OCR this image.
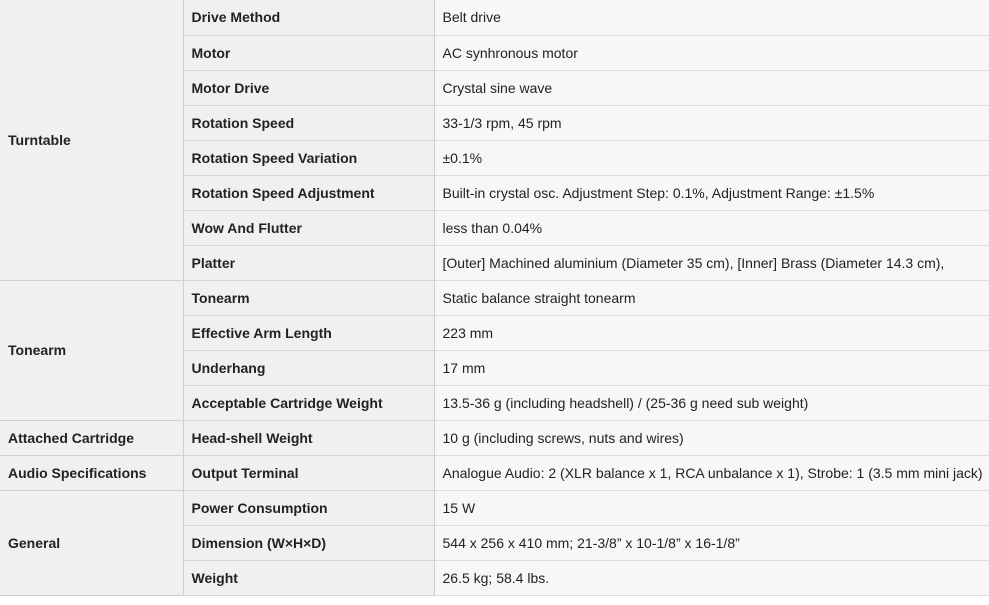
Turntable	Drive Method	Belt drive
	Motor	AC synhronous motor
	Motor Drive	Crystal sine wave
	Rotation Speed	33-1/3 rpm, 45 rpm
	Rotation Speed Variation	±0.1%
	Rotation Speed Adjustment	Built-in crystal osc. Adjustment Step: 0.1%, Adjustment Range: ±1.5%
	Wow And Flutter	less than 0.04%
	Platter	[Outer] Machined aluminium (Diameter 35 cm), [Inner] Brass (Diameter 14.3 cm),
Tonearm	Tonearm	Static balance straight tonearm
	Effective Arm Length	223 mm
	Underhang	17 mm
	Acceptable Cartridge Weight	13.5-36 g (including headshell) / (25-36 g need sub weight)
Attached Cartridge	Head-shell Weight	10 g (including screws, nuts and wires)
Audio Specifications	Output Terminal	Analogue Audio: 2 (XLR balance x 1, RCA unbalance x 1), Strobe: 1 (3.5 mm mini jack)
General	Power Consumption	15 W
	Dimension (W×H×D)	544 x 256 x 410 mm; 21-3/8” x 10-1/8” x 16-1/8”
	Weight	26.5 kg; 58.4 lbs.
